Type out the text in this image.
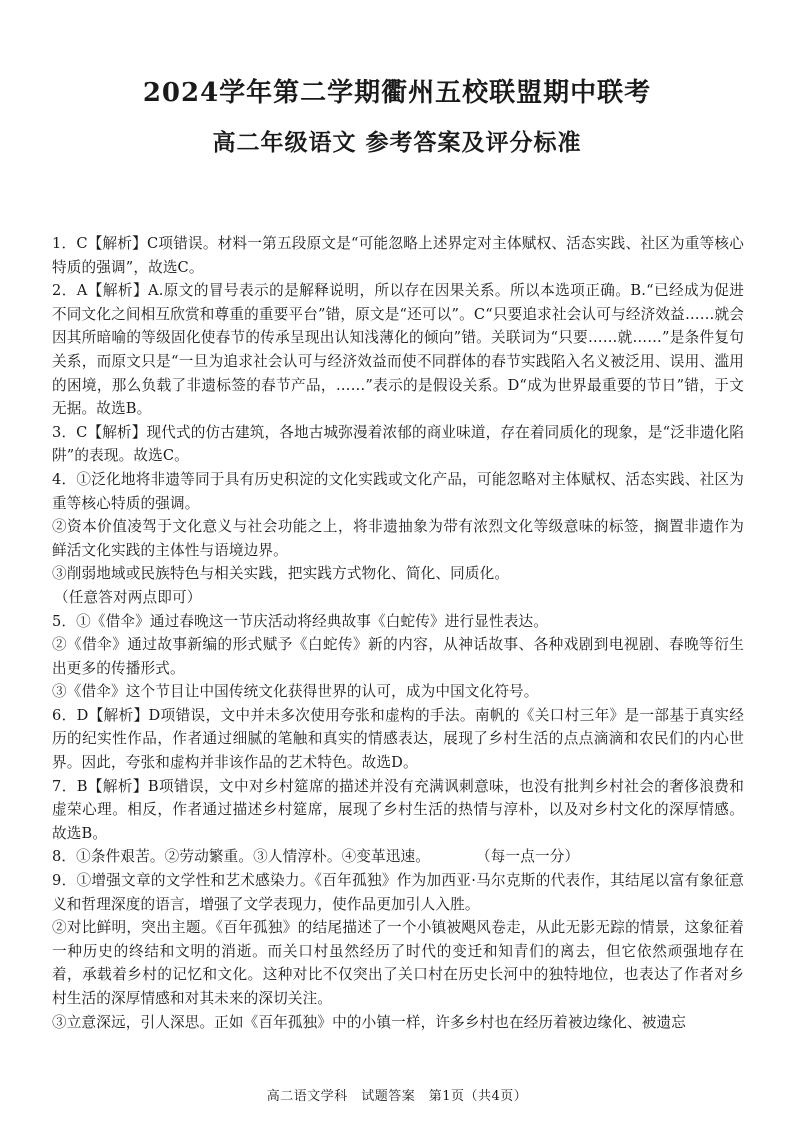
2024学年第二学期衢州五校联盟期中联考
高二年级语文 参考答案及评分标准

1．C【解析】C项错误。材料一第五段原文是“可能忽略上述界定对主体赋权、活态实践、社区为重等核心特质的强调”，故选C。

2．A【解析】A.原文的冒号表示的是解释说明，所以存在因果关系。所以本选项正确。B.“已经成为促进不同文化之间相互欣赏和尊重的重要平台”错，原文是“还可以”。C“只要追求社会认可与经济效益……就会因其所暗喻的等级固化使春节的传承呈现出认知浅薄化的倾向”错。关联词为“只要……就……”是条件复句关系，而原文只是“一旦为追求社会认可与经济效益而使不同群体的春节实践陷入名义被泛用、误用、滥用的困境，那么负载了非遗标签的春节产品，……”表示的是假设关系。D“成为世界最重要的节日”错，于文无据。故选B。

3．C【解析】现代式的仿古建筑，各地古城弥漫着浓郁的商业味道，存在着同质化的现象，是“泛非遗化陷阱”的表现。故选C。

4．①泛化地将非遗等同于具有历史积淀的文化实践或文化产品，可能忽略对主体赋权、活态实践、社区为重等核心特质的强调。

②资本价值凌驾于文化意义与社会功能之上，将非遗抽象为带有浓烈文化等级意味的标签，搁置非遗作为鲜活文化实践的主体性与语境边界。

③削弱地域或民族特色与相关实践，把实践方式物化、简化、同质化。

（任意答对两点即可）

5．①《借伞》通过春晚这一节庆活动将经典故事《白蛇传》进行显性表达。

②《借伞》通过故事新编的形式赋予《白蛇传》新的内容，从神话故事、各种戏剧到电视剧、春晚等衍生出更多的传播形式。

③《借伞》这个节目让中国传统文化获得世界的认可，成为中国文化符号。

6．D【解析】D项错误，文中并未多次使用夸张和虚构的手法。南帆的《关口村三年》是一部基于真实经历的纪实性作品，作者通过细腻的笔触和真实的情感表达，展现了乡村生活的点点滴滴和农民们的内心世界。因此，夸张和虚构并非该作品的艺术特色。故选D。

7．B【解析】B项错误，文中对乡村筵席的描述并没有充满讽刺意味，也没有批判乡村社会的奢侈浪费和虚荣心理。相反，作者通过描述乡村筵席，展现了乡村生活的热情与淳朴，以及对乡村文化的深厚情感。故选B。

8．①条件艰苦。②劳动繁重。③人情淳朴。④变革迅速。	（每一点一分）

9．①增强文章的文学性和艺术感染力。《百年孤独》作为加西亚·马尔克斯的代表作，其结尾以富有象征意义和哲理深度的语言，增强了文学表现力，使作品更加引人入胜。

②对比鲜明，突出主题。《百年孤独》的结尾描述了一个小镇被飓风卷走，从此无影无踪的情景，这象征着一种历史的终结和文明的消逝。而关口村虽然经历了时代的变迁和知青们的离去，但它依然顽强地存在着，承载着乡村的记忆和文化。这种对比不仅突出了关口村在历史长河中的独特地位，也表达了作者对乡村生活的深厚情感和对其未来的深切关注。

③立意深远，引人深思。正如《百年孤独》中的小镇一样，许多乡村也在经历着被边缘化、被遗忘

高二语文学科　试题答案　第1页（共4页）
